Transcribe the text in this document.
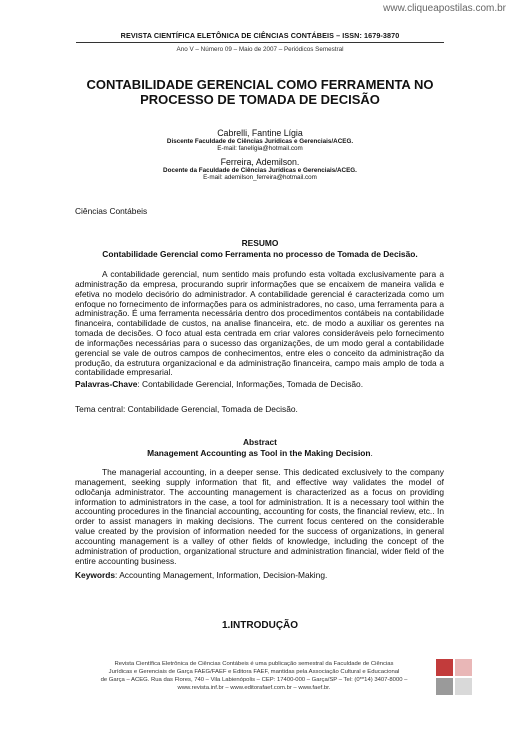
www.cliqueapostilas.com.br
REVISTA CIENTÍFICA ELETÔNICA DE CIÊNCIAS CONTÁBEIS – ISSN: 1679-3870
Ano V – Número 09 – Maio de 2007 – Periódicos Semestral
CONTABILIDADE GERENCIAL COMO FERRAMENTA NO
PROCESSO DE TOMADA DE DECISÃO
Cabrelli, Fantine Lígia
Discente Faculdade de Ciências Jurídicas e Gerenciais/ACEG.
E-mail: fanelígia@hotmail.com
Ferreira, Ademilson.
Docente da Faculdade de Ciências Jurídicas e Gerenciais/ACEG.
E-mail: ademilson_ferreira@hotmail.com
Ciências Contábeis
RESUMO
Contabilidade Gerencial como Ferramenta no processo de Tomada de Decisão.
A contabilidade gerencial, num sentido mais profundo esta voltada exclusivamente para a administração da empresa, procurando suprir informações que se encaixem de maneira valida e efetiva no modelo decisório do administrador. A contabilidade gerencial é caracterizada como um enfoque no fornecimento de informações para os administradores, no caso, uma ferramenta para a administração. É uma ferramenta necessária dentro dos procedimentos contábeis na contabilidade financeira, contabilidade de custos, na analise financeira, etc. de modo a auxiliar os gerentes na tomada de decisões. O foco atual esta centrada em criar valores consideráveis pelo fornecimento de informações necessárias para o sucesso das organizações, de um modo geral a contabilidade gerencial se vale de outros campos de conhecimentos, entre eles o conceito da administração da produção, da estrutura organizacional e da administração financeira, campo mais amplo de toda a contabilidade empresarial.
Palavras-Chave: Contabilidade Gerencial, Informações, Tomada de Decisão.
Tema central: Contabilidade Gerencial, Tomada de Decisão.
Abstract
Management Accounting as Tool in the Making Decision.
The managerial accounting, in a deeper sense. This dedicated exclusively to the company management, seeking supply information that fit, and effective way validates the model of odločanja administrator. The accounting management is characterized as a focus on providing information to administrators in the case, a tool for administration. It is a necessary tool within the accounting procedures in the financial accounting, accounting for costs, the financial review, etc.. In order to assist managers in making decisions. The current focus centered on the considerable value created by the provision of information needed for the success of organizations, in general accounting management is a valley of other fields of knowledge, including the concept of the administration of production, organizational structure and administration financial, wider field of the entire accounting business.
Keywords: Accounting Management, Information, Decision-Making.
1.INTRODUÇÃO
Revista Científica Eletrônica de Ciências Contábeis é uma publicação semestral da Faculdade de Ciências
Jurídicas e Gerenciais de Garça FAEG/FAEF e Editora FAEF, mantidas pela Associação Cultural e Educacional
de Garça – ACEG. Rua das Flores, 740 – Vila Labienópolis – CEP: 17400-000 – Garça/SP – Tel: (0**14) 3407-8000 –
www.revista.inf.br – www.editorafaef.com.br – www.faef.br.
